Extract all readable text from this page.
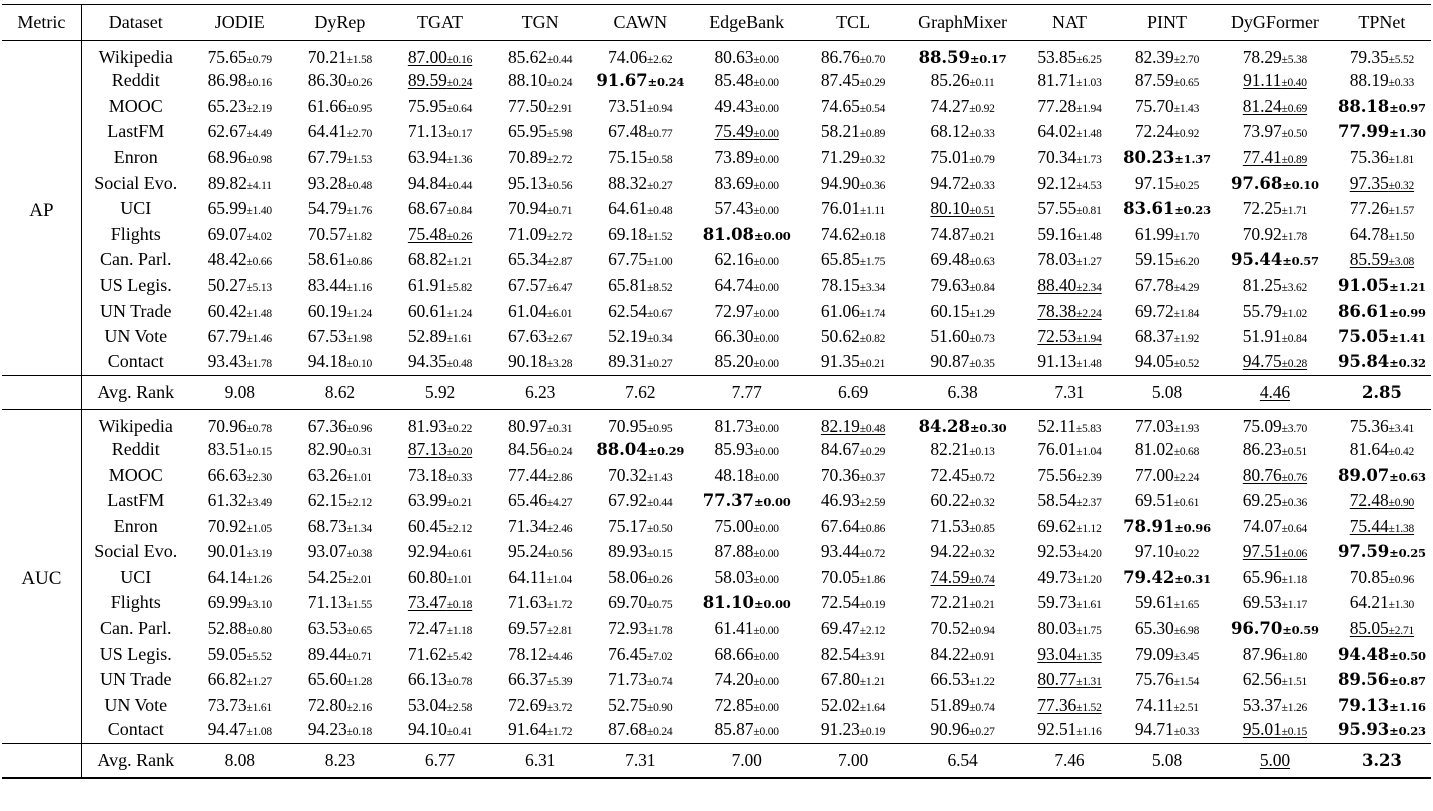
Metric	Dataset	JODIE	DyRep	TGAT	TGN	CAWN	EdgeBank	TCL	GraphMixer	NAT	PINT	DyGFormer	TPNet
AP	Wikipedia	75.65±0.79	70.21±1.58	87.00±0.16	85.62±0.44	74.06±2.62	80.63±0.00	86.76±0.70	88.59±0.17	53.85±6.25	82.39±2.70	78.29±5.38	79.35±5.52
	Reddit	86.98±0.16	86.30±0.26	89.59±0.24	88.10±0.24	91.67±0.24	85.48±0.00	87.45±0.29	85.26±0.11	81.71±1.03	87.59±0.65	91.11±0.40	88.19±0.33
	MOOC	65.23±2.19	61.66±0.95	75.95±0.64	77.50±2.91	73.51±0.94	49.43±0.00	74.65±0.54	74.27±0.92	77.28±1.94	75.70±1.43	81.24±0.69	88.18±0.97
	LastFM	62.67±4.49	64.41±2.70	71.13±0.17	65.95±5.98	67.48±0.77	75.49±0.00	58.21±0.89	68.12±0.33	64.02±1.48	72.24±0.92	73.97±0.50	77.99±1.30
	Enron	68.96±0.98	67.79±1.53	63.94±1.36	70.89±2.72	75.15±0.58	73.89±0.00	71.29±0.32	75.01±0.79	70.34±1.73	80.23±1.37	77.41±0.89	75.36±1.81
	Social Evo.	89.82±4.11	93.28±0.48	94.84±0.44	95.13±0.56	88.32±0.27	83.69±0.00	94.90±0.36	94.72±0.33	92.12±4.53	97.15±0.25	97.68±0.10	97.35±0.32
	UCI	65.99±1.40	54.79±1.76	68.67±0.84	70.94±0.71	64.61±0.48	57.43±0.00	76.01±1.11	80.10±0.51	57.55±0.81	83.61±0.23	72.25±1.71	77.26±1.57
	Flights	69.07±4.02	70.57±1.82	75.48±0.26	71.09±2.72	69.18±1.52	81.08±0.00	74.62±0.18	74.87±0.21	59.16±1.48	61.99±1.70	70.92±1.78	64.78±1.50
	Can. Parl.	48.42±0.66	58.61±0.86	68.82±1.21	65.34±2.87	67.75±1.00	62.16±0.00	65.85±1.75	69.48±0.63	78.03±1.27	59.15±6.20	95.44±0.57	85.59±3.08
	US Legis.	50.27±5.13	83.44±1.16	61.91±5.82	67.57±6.47	65.81±8.52	64.74±0.00	78.15±3.34	79.63±0.84	88.40±2.34	67.78±4.29	81.25±3.62	91.05±1.21
	UN Trade	60.42±1.48	60.19±1.24	60.61±1.24	61.04±6.01	62.54±0.67	72.97±0.00	61.06±1.74	60.15±1.29	78.38±2.24	69.72±1.84	55.79±1.02	86.61±0.99
	UN Vote	67.79±1.46	67.53±1.98	52.89±1.61	67.63±2.67	52.19±0.34	66.30±0.00	50.62±0.82	51.60±0.73	72.53±1.94	68.37±1.92	51.91±0.84	75.05±1.41
	Contact	93.43±1.78	94.18±0.10	94.35±0.48	90.18±3.28	89.31±0.27	85.20±0.00	91.35±0.21	90.87±0.35	91.13±1.48	94.05±0.52	94.75±0.28	95.84±0.32
	Avg. Rank	9.08	8.62	5.92	6.23	7.62	7.77	6.69	6.38	7.31	5.08	4.46	2.85
AUC	Wikipedia	70.96±0.78	67.36±0.96	81.93±0.22	80.97±0.31	70.95±0.95	81.73±0.00	82.19±0.48	84.28±0.30	52.11±5.83	77.03±1.93	75.09±3.70	75.36±3.41
	Reddit	83.51±0.15	82.90±0.31	87.13±0.20	84.56±0.24	88.04±0.29	85.93±0.00	84.67±0.29	82.21±0.13	76.01±1.04	81.02±0.68	86.23±0.51	81.64±0.42
	MOOC	66.63±2.30	63.26±1.01	73.18±0.33	77.44±2.86	70.32±1.43	48.18±0.00	70.36±0.37	72.45±0.72	75.56±2.39	77.00±2.24	80.76±0.76	89.07±0.63
	LastFM	61.32±3.49	62.15±2.12	63.99±0.21	65.46±4.27	67.92±0.44	77.37±0.00	46.93±2.59	60.22±0.32	58.54±2.37	69.51±0.61	69.25±0.36	72.48±0.90
	Enron	70.92±1.05	68.73±1.34	60.45±2.12	71.34±2.46	75.17±0.50	75.00±0.00	67.64±0.86	71.53±0.85	69.62±1.12	78.91±0.96	74.07±0.64	75.44±1.38
	Social Evo.	90.01±3.19	93.07±0.38	92.94±0.61	95.24±0.56	89.93±0.15	87.88±0.00	93.44±0.72	94.22±0.32	92.53±4.20	97.10±0.22	97.51±0.06	97.59±0.25
	UCI	64.14±1.26	54.25±2.01	60.80±1.01	64.11±1.04	58.06±0.26	58.03±0.00	70.05±1.86	74.59±0.74	49.73±1.20	79.42±0.31	65.96±1.18	70.85±0.96
	Flights	69.99±3.10	71.13±1.55	73.47±0.18	71.63±1.72	69.70±0.75	81.10±0.00	72.54±0.19	72.21±0.21	59.73±1.61	59.61±1.65	69.53±1.17	64.21±1.30
	Can. Parl.	52.88±0.80	63.53±0.65	72.47±1.18	69.57±2.81	72.93±1.78	61.41±0.00	69.47±2.12	70.52±0.94	80.03±1.75	65.30±6.98	96.70±0.59	85.05±2.71
	US Legis.	59.05±5.52	89.44±0.71	71.62±5.42	78.12±4.46	76.45±7.02	68.66±0.00	82.54±3.91	84.22±0.91	93.04±1.35	79.09±3.45	87.96±1.80	94.48±0.50
	UN Trade	66.82±1.27	65.60±1.28	66.13±0.78	66.37±5.39	71.73±0.74	74.20±0.00	67.80±1.21	66.53±1.22	80.77±1.31	75.76±1.54	62.56±1.51	89.56±0.87
	UN Vote	73.73±1.61	72.80±2.16	53.04±2.58	72.69±3.72	52.75±0.90	72.85±0.00	52.02±1.64	51.89±0.74	77.36±1.52	74.11±2.51	53.37±1.26	79.13±1.16
	Contact	94.47±1.08	94.23±0.18	94.10±0.41	91.64±1.72	87.68±0.24	85.87±0.00	91.23±0.19	90.96±0.27	92.51±1.16	94.71±0.33	95.01±0.15	95.93±0.23
	Avg. Rank	8.08	8.23	6.77	6.31	7.31	7.00	7.00	6.54	7.46	5.08	5.00	3.23
